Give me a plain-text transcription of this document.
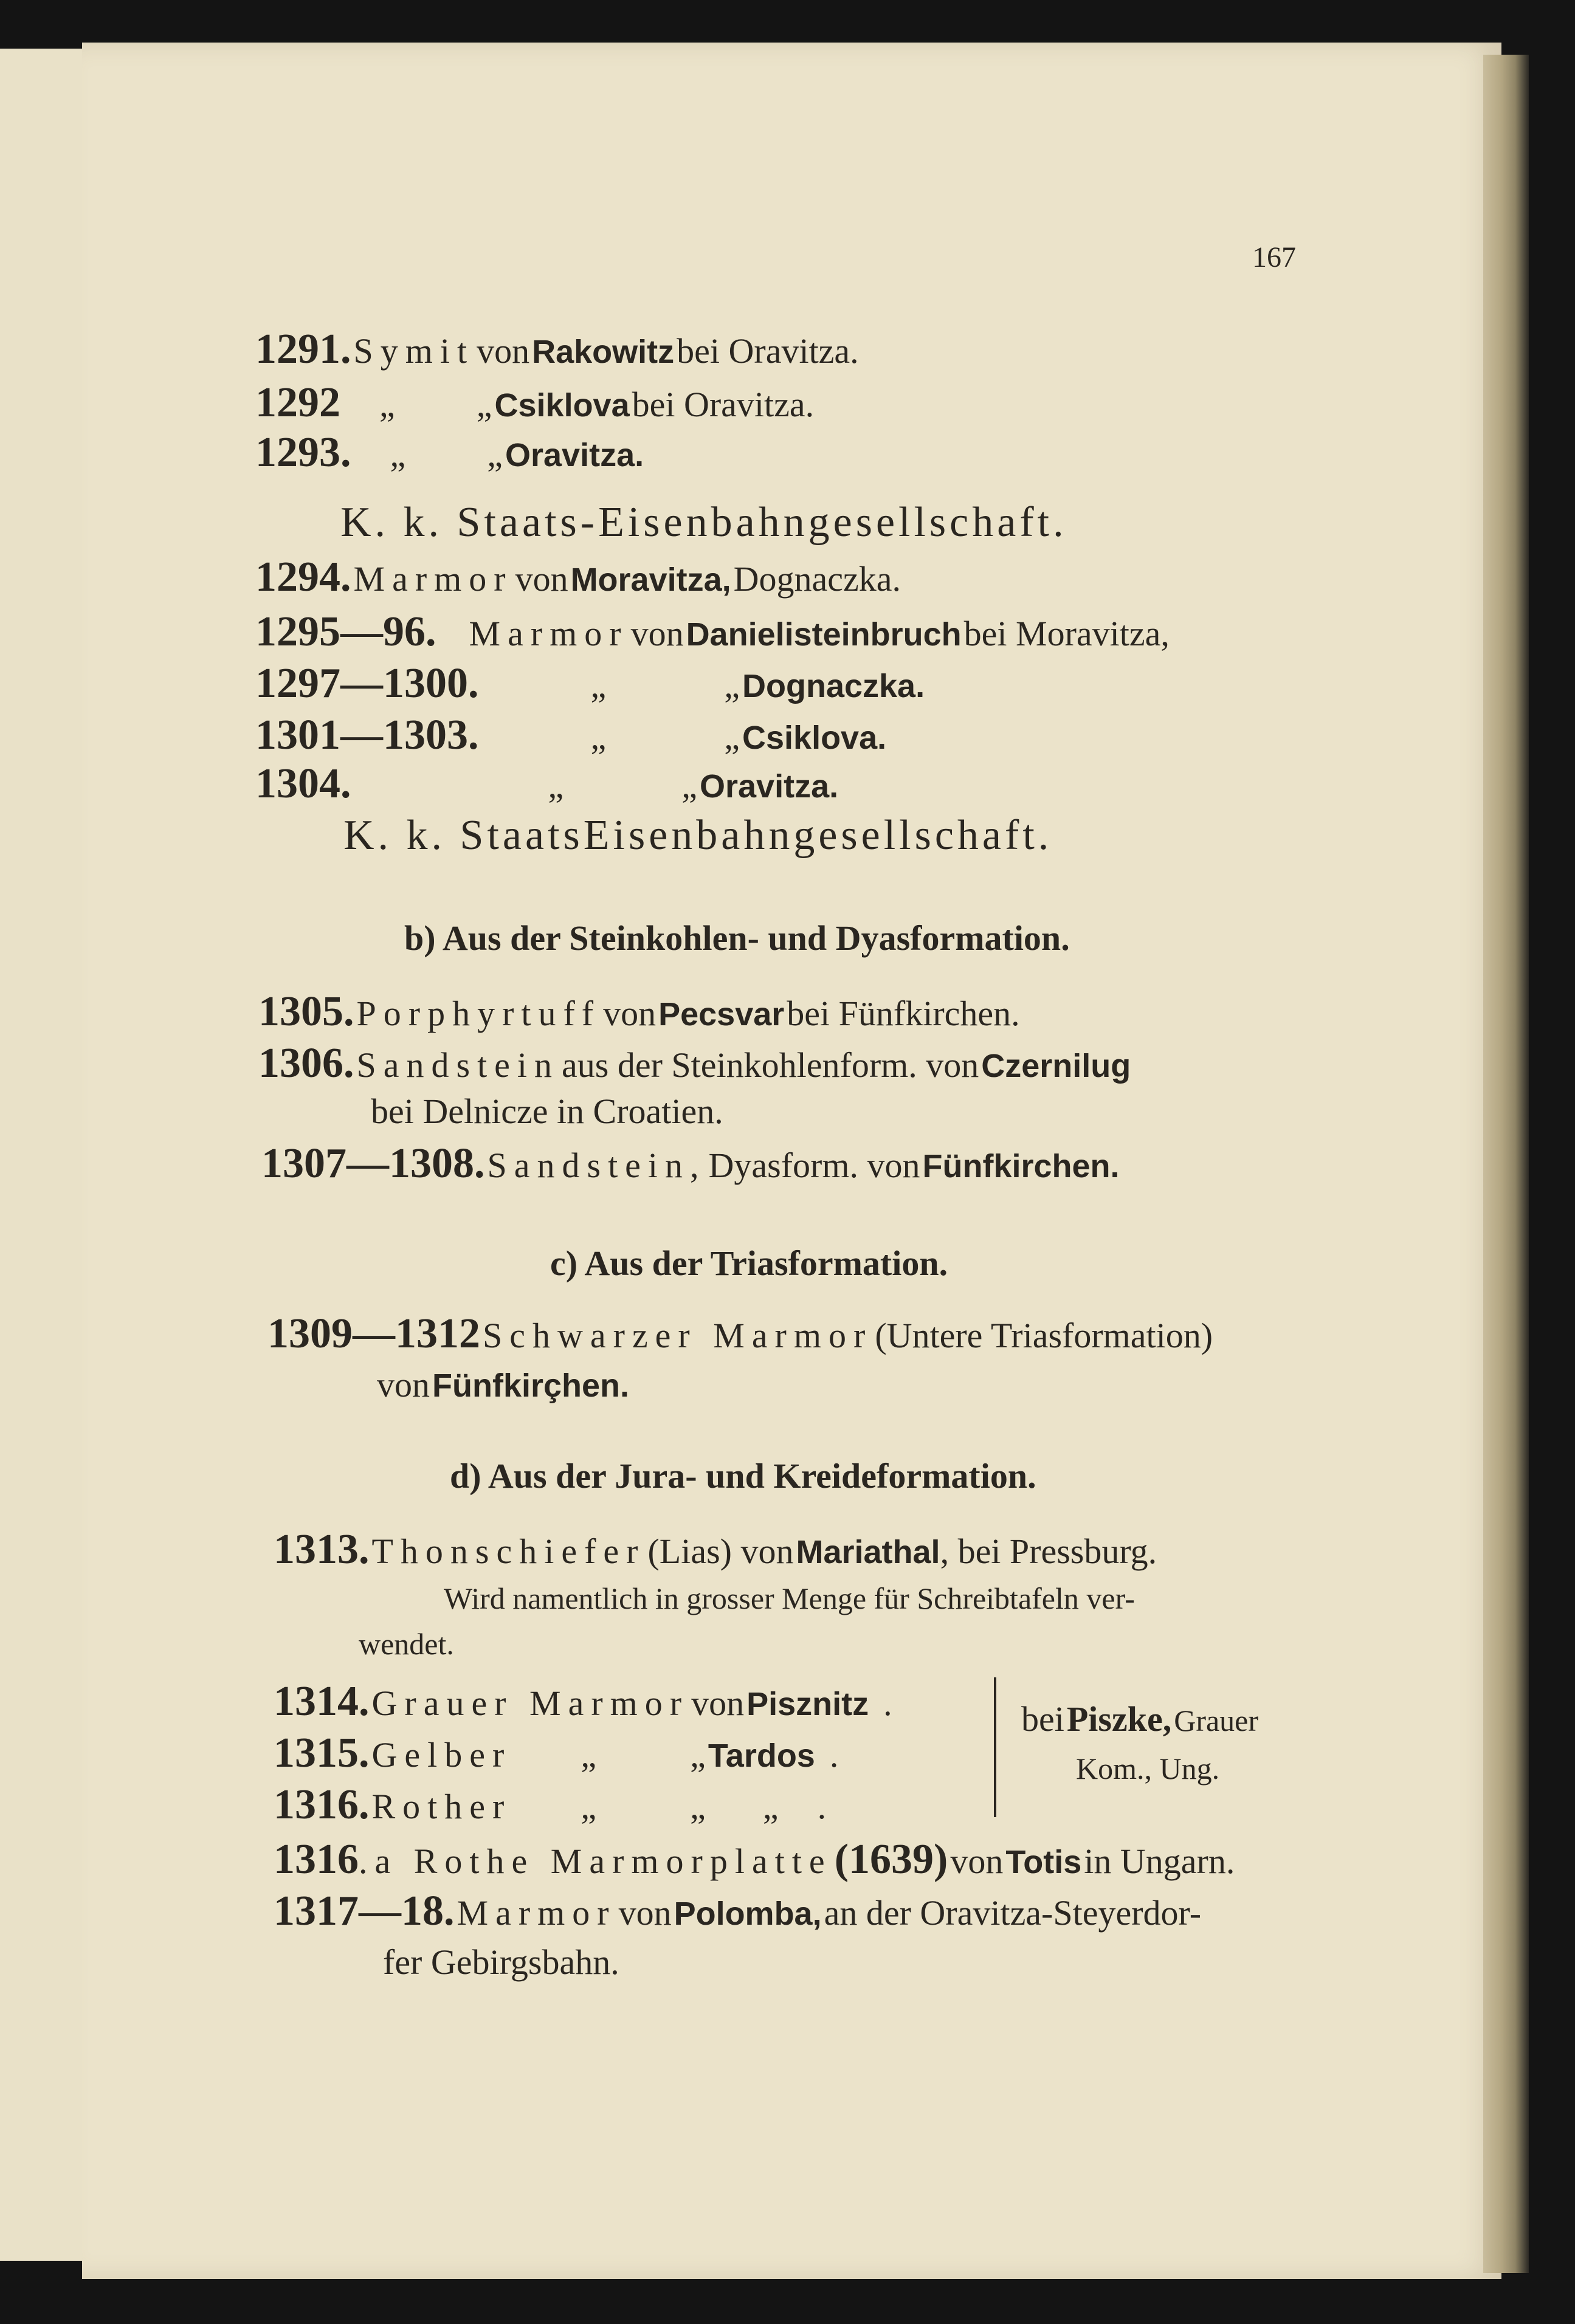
167
1291. Symit von Rakowitz bei Oravitza.
1292 „ „ Csiklova bei Oravitza.
1293. „ „ Oravitza.
K. k. Staats-Eisenbahngesellschaft.
1294. Marmor von Moravitza, Dognaczka.
1295—96. Marmor von Danielisteinbruch bei Moravitza,
1297—1300.	„	„ Dognaczka.
1301—1303.	„	„ Csiklova.
1304.	„	„ Oravitza.
K. k. StaatsEisenbahngesellschaft.
b) Aus der Steinkohlen- und Dyasformation.
1305. Porphyrtuff von Pecsvar bei Fünfkirchen.
1306. Sandstein aus der Steinkohlenform. von Czernilug
bei Delnicze in Croatien.
1307—1308. Sandstein, Dyasform. von Fünfkirchen.
c) Aus der Triasformation.
1309—1312 Schwarzer Marmor (Untere Triasformation)
von Fünfkirçhen.
d) Aus der Jura- und Kreideformation.
1313. Thonschiefer (Lias) von Mariathal, bei Pressburg.
Wird namentlich in grosser Menge für Schreibtafeln ver-
wendet.
1314. Grauer Marmor von Pisznitz .
1315. Gelber „	„ Tardos .
1316. Rother „	„ „ .
bei Piszke, Grauer
Kom., Ung.
1316.a Rothe Marmorplatte (1639) von Totis in Ungarn.
1317—18. Marmor von Polomba, an der Oravitza-Steyerdor-
fer Gebirgsbahn.
